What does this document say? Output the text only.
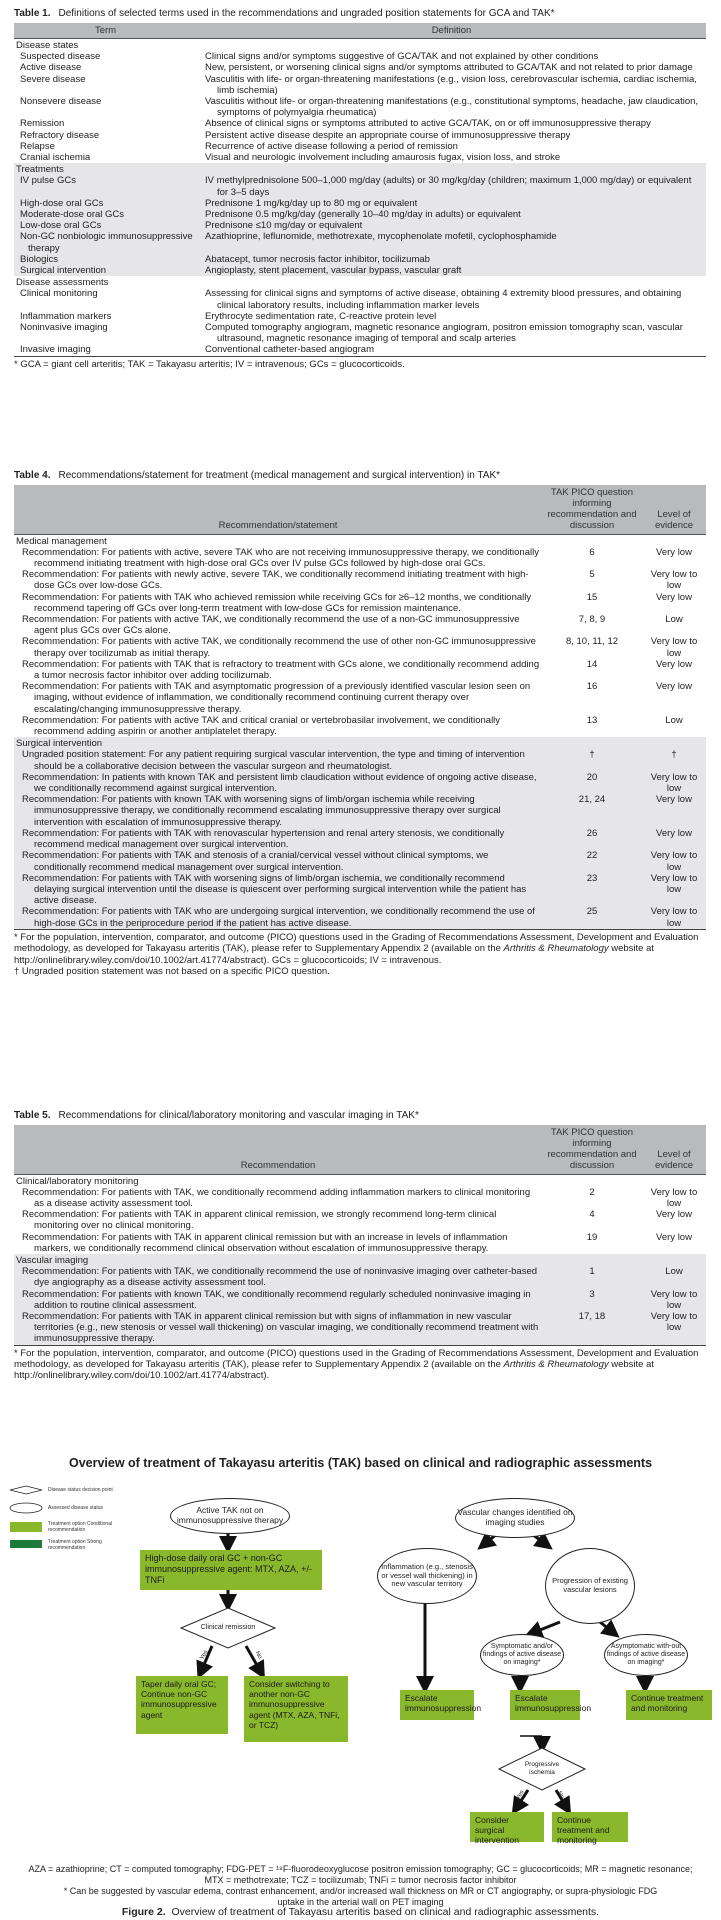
Table 1. Definitions of selected terms used in the recommendations and ungraded position statements for GCA and TAK*
Term	Definition
Disease states	
Suspected disease	Clinical signs and/or symptoms suggestive of GCA/TAK and not explained by other conditions
Active disease	New, persistent, or worsening clinical signs and/or symptoms attributed to GCA/TAK and not related to prior damage
Severe disease	Vasculitis with life- or organ-threatening manifestations (e.g., vision loss, cerebrovascular ischemia, cardiac ischemia, limb ischemia)
Nonsevere disease	Vasculitis without life- or organ-threatening manifestations (e.g., constitutional symptoms, headache, jaw claudication, symptoms of polymyalgia rheumatica)
Remission	Absence of clinical signs or symptoms attributed to active GCA/TAK, on or off immunosuppressive therapy
Refractory disease	Persistent active disease despite an appropriate course of immunosuppressive therapy
Relapse	Recurrence of active disease following a period of remission
Cranial ischemia	Visual and neurologic involvement including amaurosis fugax, vision loss, and stroke
Treatments	
IV pulse GCs	IV methylprednisolone 500–1,000 mg/day (adults) or 30 mg/kg/day (children; maximum 1,000 mg/day) or equivalent for 3–5 days
High-dose oral GCs	Prednisone 1 mg/kg/day up to 80 mg or equivalent
Moderate-dose oral GCs	Prednisone 0.5 mg/kg/day (generally 10–40 mg/day in adults) or equivalent
Low-dose oral GCs	Prednisone ≤10 mg/day or equivalent
Non-GC nonbiologic immunosuppressive therapy	Azathioprine, leflunomide, methotrexate, mycophenolate mofetil, cyclophosphamide
Biologics	Abatacept, tumor necrosis factor inhibitor, tocilizumab
Surgical intervention	Angioplasty, stent placement, vascular bypass, vascular graft
Disease assessments	
Clinical monitoring	Assessing for clinical signs and symptoms of active disease, obtaining 4 extremity blood pressures, and obtaining clinical laboratory results, including inflammation marker levels
Inflammation markers	Erythrocyte sedimentation rate, C-reactive protein level
Noninvasive imaging	Computed tomography angiogram, magnetic resonance angiogram, positron emission tomography scan, vascular ultrasound, magnetic resonance imaging of temporal and scalp arteries
Invasive imaging	Conventional catheter-based angiogram
* GCA = giant cell arteritis; TAK = Takayasu arteritis; IV = intravenous; GCs = glucocorticoids.
Table 4. Recommendations/statement for treatment (medical management and surgical intervention) in TAK*
Recommendation/statement	TAK PICO question informing recommendation and discussion	Level of evidence
Medical management		
Recommendation: For patients with active, severe TAK who are not receiving immunosuppressive therapy, we conditionally recommend initiating treatment with high-dose oral GCs over IV pulse GCs followed by high-dose oral GCs.	6	Very low
Recommendation: For patients with newly active, severe TAK, we conditionally recommend initiating treatment with high-dose GCs over low-dose GCs.	5	Very low to low
Recommendation: For patients with TAK who achieved remission while receiving GCs for ≥6–12 months, we conditionally recommend tapering off GCs over long-term treatment with low-dose GCs for remission maintenance.	15	Very low
Recommendation: For patients with active TAK, we conditionally recommend the use of a non-GC immunosuppressive agent plus GCs over GCs alone.	7, 8, 9	Low
Recommendation: For patients with active TAK, we conditionally recommend the use of other non-GC immunosuppressive therapy over tocilizumab as initial therapy.	8, 10, 11, 12	Very low to low
Recommendation: For patients with TAK that is refractory to treatment with GCs alone, we conditionally recommend adding a tumor necrosis factor inhibitor over adding tocilizumab.	14	Very low
Recommendation: For patients with TAK and asymptomatic progression of a previously identified vascular lesion seen on imaging, without evidence of inflammation, we conditionally recommend continuing current therapy over escalating/changing immunosuppressive therapy.	16	Very low
Recommendation: For patients with active TAK and critical cranial or vertebrobasilar involvement, we conditionally recommend adding aspirin or another antiplatelet therapy.	13	Low
Surgical intervention		
Ungraded position statement: For any patient requiring surgical vascular intervention, the type and timing of intervention should be a collaborative decision between the vascular surgeon and rheumatologist.	†	†
Recommendation: In patients with known TAK and persistent limb claudication without evidence of ongoing active disease, we conditionally recommend against surgical intervention.	20	Very low to low
Recommendation: For patients with known TAK with worsening signs of limb/organ ischemia while receiving immunosuppressive therapy, we conditionally recommend escalating immunosuppressive therapy over surgical intervention with escalation of immunosuppressive therapy.	21, 24	Very low
Recommendation: For patients with TAK with renovascular hypertension and renal artery stenosis, we conditionally recommend medical management over surgical intervention.	26	Very low
Recommendation: For patients with TAK and stenosis of a cranial/cervical vessel without clinical symptoms, we conditionally recommend medical management over surgical intervention.	22	Very low to low
Recommendation: For patients with TAK with worsening signs of limb/organ ischemia, we conditionally recommend delaying surgical intervention until the disease is quiescent over performing surgical intervention while the patient has active disease.	23	Very low to low
Recommendation: For patients with TAK who are undergoing surgical intervention, we conditionally recommend the use of high-dose GCs in the periprocedure period if the patient has active disease.	25	Very low to low
* For the population, intervention, comparator, and outcome (PICO) questions used in the Grading of Recommendations Assessment, Development and Evaluation methodology, as developed for Takayasu arteritis (TAK), please refer to Supplementary Appendix 2 (available on the Arthritis & Rheumatology website at http://onlinelibrary.wiley.com/doi/10.1002/art.41774/abstract). GCs = glucocorticoids; IV = intravenous.
† Ungraded position statement was not based on a specific PICO question.
Table 5. Recommendations for clinical/laboratory monitoring and vascular imaging in TAK*
Recommendation	TAK PICO question informing recommendation and discussion	Level of evidence
Clinical/laboratory monitoring		
Recommendation: For patients with TAK, we conditionally recommend adding inflammation markers to clinical monitoring as a disease activity assessment tool.	2	Very low to low
Recommendation: For patients with TAK in apparent clinical remission, we strongly recommend long-term clinical monitoring over no clinical monitoring.	4	Very low
Recommendation: For patients with TAK in apparent clinical remission but with an increase in levels of inflammation markers, we conditionally recommend clinical observation without escalation of immunosuppressive therapy.	19	Very low
Vascular imaging		
Recommendation: For patients with TAK, we conditionally recommend the use of noninvasive imaging over catheter-based dye angiography as a disease activity assessment tool.	1	Low
Recommendation: For patients with known TAK, we conditionally recommend regularly scheduled noninvasive imaging in addition to routine clinical assessment.	3	Very low to low
Recommendation: For patients with TAK in apparent clinical remission but with signs of inflammation in new vascular territories (e.g., new stenosis or vessel wall thickening) on vascular imaging, we conditionally recommend treatment with immunosuppressive therapy.	17, 18	Very low to low
* For the population, intervention, comparator, and outcome (PICO) questions used in the Grading of Recommendations Assessment, Development and Evaluation methodology, as developed for Takayasu arteritis (TAK), please refer to Supplementary Appendix 2 (available on the Arthritis & Rheumatology website at http://onlinelibrary.wiley.com/doi/10.1002/art.41774/abstract).
Overview of treatment of Takayasu arteritis (TAK) based on clinical and radiographic assessments
Disease status decision point
Assessed disease status
Treatment option Conditional recommendation
Treatment option Strong recommendation
Active TAK not on immunosuppressive therapy
High-dose daily oral GC + non-GC immunosuppressive agent: MTX, AZA, +/- TNFi
Clinical remission
Yes	No
Taper daily oral GC; Continue non-GC immunosuppressive agent
Consider switching to another non-GC immunosuppressive agent (MTX, AZA, TNFi, or TCZ)
Vascular changes identified on imaging studies
Inflammation (e.g., stenosis or vessel wall thickening) in new vascular territory	Progression of existing vascular lesions
Symptomatic and/or findings of active disease on imaging*
Asymptomatic with-out findings of active disease on imaging*
Escalate immunosuppression
Escalate immunosuppression
Continue treatment and monitoring
Progressive ischemia
Yes	No
Consider surgical intervention
Continue treatment and monitoring
AZA = azathioprine; CT = computed tomography; FDG-PET = ¹⁸F-fluorodeoxyglucose positron emission tomography; GC = glucocorticoids; MR = magnetic resonance;
MTX = methotrexate; TCZ = tocilizumab; TNFi = tumor necrosis factor inhibitor
* Can be suggested by vascular edema, contrast enhancement, and/or increased wall thickness on MR or CT angiography, or supra-physiologic FDG
uptake in the arterial wall on PET imaging
Figure 2. Overview of treatment of Takayasu arteritis based on clinical and radiographic assessments.
